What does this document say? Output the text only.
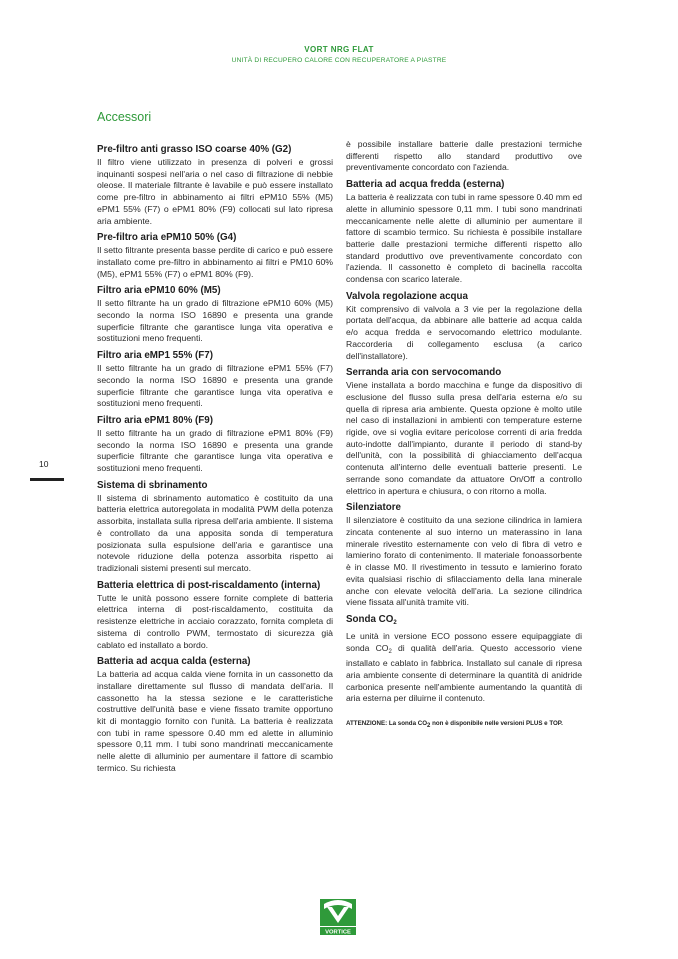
VORT NRG FLAT
UNITÀ DI RECUPERO CALORE CON RECUPERATORE A PIASTRE
Accessori
10
Pre-filtro anti grasso ISO coarse 40% (G2)

Il filtro viene utilizzato in presenza di polveri e grossi inquinanti sospesi nell'aria o nel caso di filtrazione di nebbie oleose. Il materiale filtrante è lavabile e può essere installato come pre-filtro in abbinamento ai filtri ePM10 55% (M5) ePM1 55% (F7) o ePM1 80% (F9) collocati sul lato ripresa aria ambiente.

Pre-filtro aria ePM10 50% (G4)

Il setto filtrante presenta basse perdite di carico e può essere installato come pre-filtro in abbinamento ai filtri e PM10 60% (M5), ePM1 55% (F7) o ePM1 80% (F9).

Filtro aria ePM10 60% (M5)

Il setto filtrante ha un grado di filtrazione ePM10 60% (M5) secondo la norma ISO 16890 e presenta una grande superficie filtrante che garantisce lunga vita operativa e sostituzioni meno frequenti.

Filtro aria eMP1 55% (F7)

Il setto filtrante ha un grado di filtrazione ePM1 55% (F7) secondo la norma ISO 16890 e presenta una grande superficie filtrante che garantisce lunga vita operativa e sostituzioni meno frequenti.

Filtro aria ePM1 80% (F9)

Il setto filtrante ha un grado di filtrazione ePM1 80% (F9) secondo la norma ISO 16890 e presenta una grande superficie filtrante che garantisce lunga vita operativa e sostituzioni meno frequenti.

Sistema di sbrinamento

Il sistema di sbrinamento automatico è costituito da una batteria elettrica autoregolata in modalità PWM della potenza assorbita, installata sulla ripresa dell'aria ambiente. Il sistema è controllato da una apposita sonda di temperatura posizionata sulla espulsione dell'aria e garantisce una notevole riduzione della potenza assorbita rispetto ai tradizionali sistemi presenti sul mercato.

Batteria elettrica di post-riscaldamento (interna)

Tutte le unità possono essere fornite complete di batteria elettrica interna di post-riscaldamento, costituita da resistenze elettriche in acciaio corazzato, fornita completa di sistema di controllo PWM, termostato di sicurezza già cablato ed installato a bordo.

Batteria ad acqua calda (esterna)

La batteria ad acqua calda viene fornita in un cassonetto da installare direttamente sul flusso di mandata dell'aria. Il cassonetto ha la stessa sezione e le caratteristiche costruttive dell'unità base e viene fissato tramite opportuno kit di montaggio fornito con l'unità. La batteria è realizzata con tubi in rame spessore 0.40 mm ed alette in alluminio spessore 0,11 mm. I tubi sono mandrinati meccanicamente nelle alette di alluminio per aumentare il fattore di scambio termico. Su richiesta

è possibile installare batterie dalle prestazioni termiche differenti rispetto allo standard produttivo ove preventivamente concordato con l'azienda.

Batteria ad acqua fredda (esterna)

La batteria è realizzata con tubi in rame spessore 0.40 mm ed alette in alluminio spessore 0,11 mm. I tubi sono mandrinati meccanicamente nelle alette di alluminio per aumentare il fattore di scambio termico. Su richiesta è possibile installare batterie dalle prestazioni termiche differenti rispetto allo standard produttivo ove preventivamente concordato con l'azienda. Il cassonetto è completo di bacinella raccolta condensa con scarico laterale.

Valvola regolazione acqua

Kit comprensivo di valvola a 3 vie per la regolazione della portata dell'acqua, da abbinare alle batterie ad acqua calda e/o acqua fredda e servocomando elettrico modulante. Raccorderia di collegamento esclusa (a carico dell'installatore).

Serranda aria con servocomando

Viene installata a bordo macchina e funge da dispositivo di esclusione del flusso sulla presa dell'aria esterna e/o su quella di ripresa aria ambiente. Questa opzione è molto utile nel caso di installazioni in ambienti con temperature esterne rigide, ove si voglia evitare pericolose correnti di aria fredda auto-indotte dall'impianto, durante il periodo di stand-by dell'unità, con la possibilità di ghiacciamento dell'acqua contenuta all'interno delle eventuali batterie presenti. Le serrande sono comandate da attuatore On/Off a controllo elettrico in apertura e chiusura, o con ritorno a molla.

Silenziatore

Il silenziatore è costituito da una sezione cilindrica in lamiera zincata contenente al suo interno un materassino in lana minerale rivestito esternamente con velo di fibra di vetro e lamierino forato di contenimento. Il materiale fonoassorbente è in classe M0. Il rivestimento in tessuto e lamierino forato evita qualsiasi rischio di sfilacciamento della lana minerale anche con elevate velocità dell'aria. La sezione cilindrica viene fissata all'unità tramite viti.

Sonda $CO_2$

Le unità in versione ECO possono essere equipaggiate di sonda $CO_2$ di qualità dell'aria. Questo accessorio viene installato e cablato in fabbrica. Installato sul canale di ripresa aria ambiente consente di determinare la quantità di anidride carbonica presente nell'ambiente aumentando la quantità di aria esterna per diluirne il contenuto.

ATTENZIONE: La sonda $CO_2$ non è disponibile nelle versioni PLUS e TOP.
VORTICE
